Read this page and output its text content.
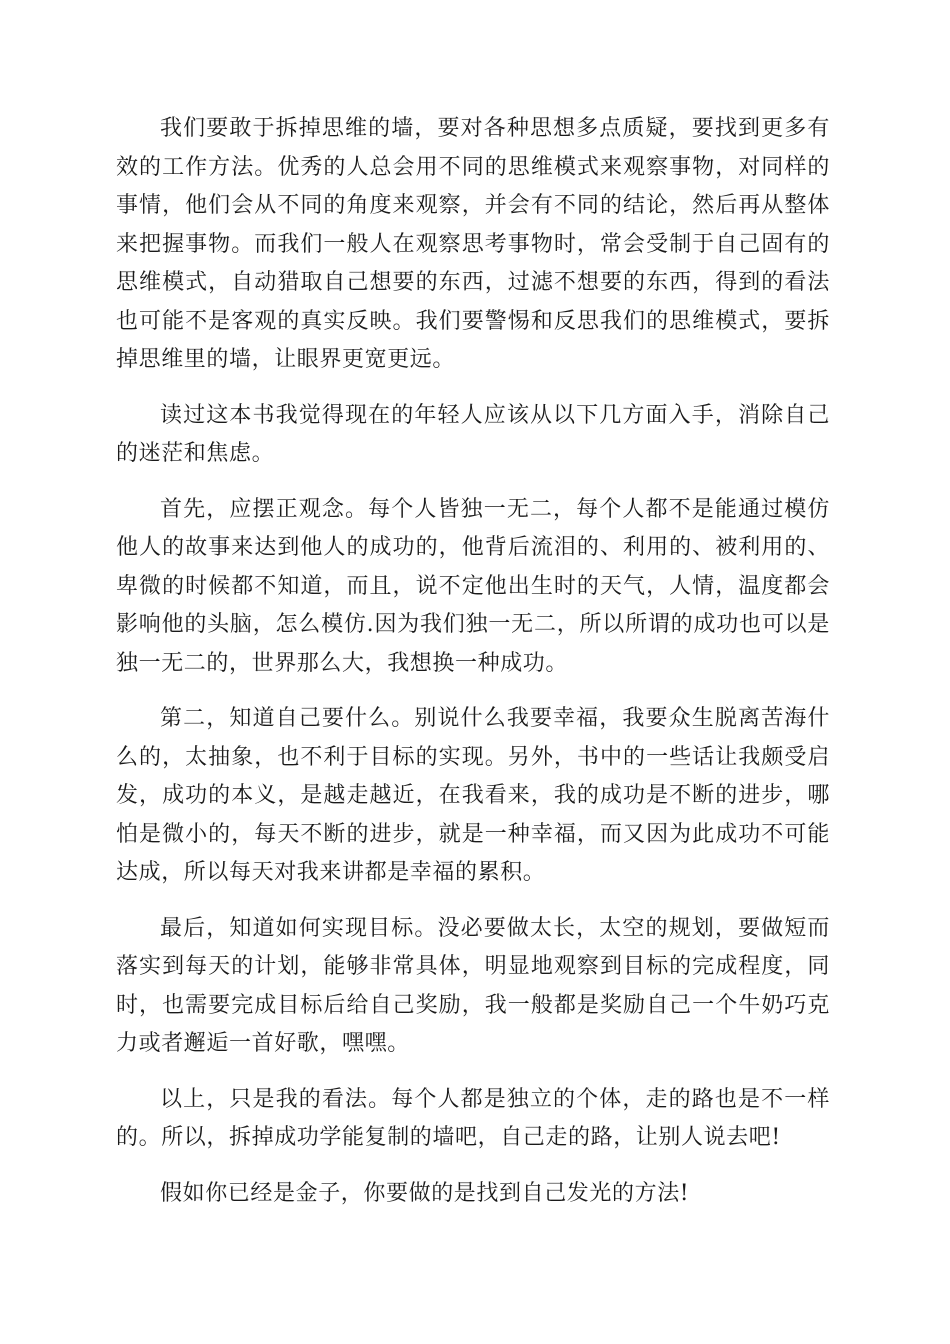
我们要敢于拆掉思维的墙，要对各种思想多点质疑，要找到更多有效的工作方法。优秀的人总会用不同的思维模式来观察事物，对同样的事情，他们会从不同的角度来观察，并会有不同的结论，然后再从整体来把握事物。而我们一般人在观察思考事物时，常会受制于自己固有的思维模式，自动猎取自己想要的东西，过滤不想要的东西，得到的看法也可能不是客观的真实反映。我们要警惕和反思我们的思维模式，要拆掉思维里的墙，让眼界更宽更远。

读过这本书我觉得现在的年轻人应该从以下几方面入手，消除自己的迷茫和焦虑。

首先，应摆正观念。每个人皆独一无二，每个人都不是能通过模仿他人的故事来达到他人的成功的，他背后流泪的、利用的、被利用的、卑微的时候都不知道，而且，说不定他出生时的天气，人情，温度都会影响他的头脑，怎么模仿.因为我们独一无二，所以所谓的成功也可以是独一无二的，世界那么大，我想换一种成功。

第二，知道自己要什么。别说什么我要幸福，我要众生脱离苦海什么的，太抽象，也不利于目标的实现。另外，书中的一些话让我颇受启发，成功的本义，是越走越近，在我看来，我的成功是不断的进步，哪怕是微小的，每天不断的进步，就是一种幸福，而又因为此成功不可能达成，所以每天对我来讲都是幸福的累积。

最后，知道如何实现目标。没必要做太长，太空的规划，要做短而落实到每天的计划，能够非常具体，明显地观察到目标的完成程度，同时，也需要完成目标后给自己奖励，我一般都是奖励自己一个牛奶巧克力或者邂逅一首好歌，嘿嘿。

以上，只是我的看法。每个人都是独立的个体，走的路也是不一样的。所以，拆掉成功学能复制的墙吧，自己走的路，让别人说去吧!

假如你已经是金子，你要做的是找到自己发光的方法!
